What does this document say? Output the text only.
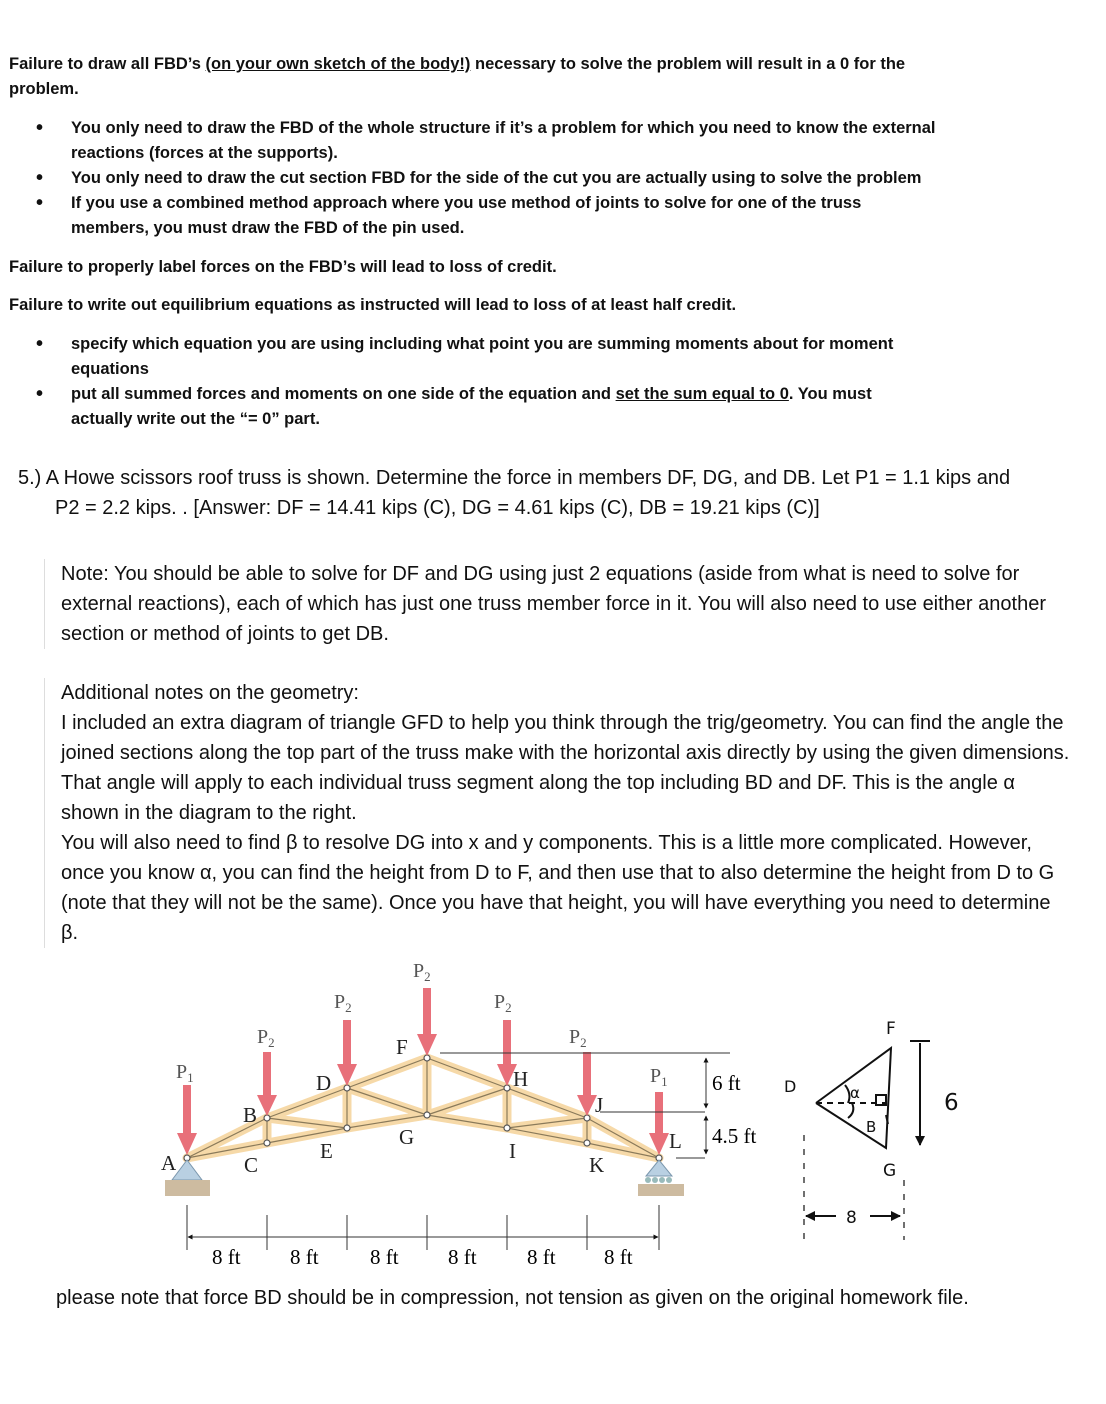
Failure to draw all FBD’s (on your own sketch of the body!) necessary to solve the problem will result in a 0 for the problem.

• You only need to draw the FBD of the whole structure if it’s a problem for which you need to know the external reactions (forces at the supports).
• You only need to draw the cut section FBD for the side of the cut you are actually using to solve the problem
• If you use a combined method approach where you use method of joints to solve for one of the truss members, you must draw the FBD of the pin used.

Failure to properly label forces on the FBD’s will lead to loss of credit.

Failure to write out equilibrium equations as instructed will lead to loss of at least half credit.

• specify which equation you are using including what point you are summing moments about for moment equations
• put all summed forces and moments on one side of the equation and set the sum equal to 0. You must actually write out the “= 0” part.
5.) A Howe scissors roof truss is shown. Determine the force in members DF, DG, and DB. Let P1 = 1.1 kips and
P2 = 2.2 kips. . [Answer: DF = 14.41 kips (C), DG = 4.61 kips (C), DB = 19.21 kips (C)]
Note: You should be able to solve for DF and DG using just 2 equations (aside from what is need to solve for external reactions), each of which has just one truss member force in it. You will also need to use either another section or method of joints to get DB.
Additional notes on the geometry:
I included an extra diagram of triangle GFD to help you think through the trig/geometry. You can find the angle the joined sections along the top part of the truss make with the horizontal axis directly by using the given dimensions. That angle will apply to each individual truss segment along the top including BD and DF. This is the angle α shown in the diagram to the right.
You will also need to find β to resolve DG into x and y components. This is a little more complicated. However, once you know α, you can find the height from D to F, and then use that to also determine the height from D to G (note that they will not be the same). Once you have that height, you will have everything you need to determine β.
$P_1$
$P_2$
$P_2$
$P_2$
$P_2$
$P_2$
$P_1$
A
B
C
D
E
F
G
H
I
J
K
L
6 ft
4.5 ft
8 ft 8 ft 8 ft 8 ft 8 ft 8 ft
F
D
G
α
B
6
8
please note that force BD should be in compression, not tension as given on the original homework file.
